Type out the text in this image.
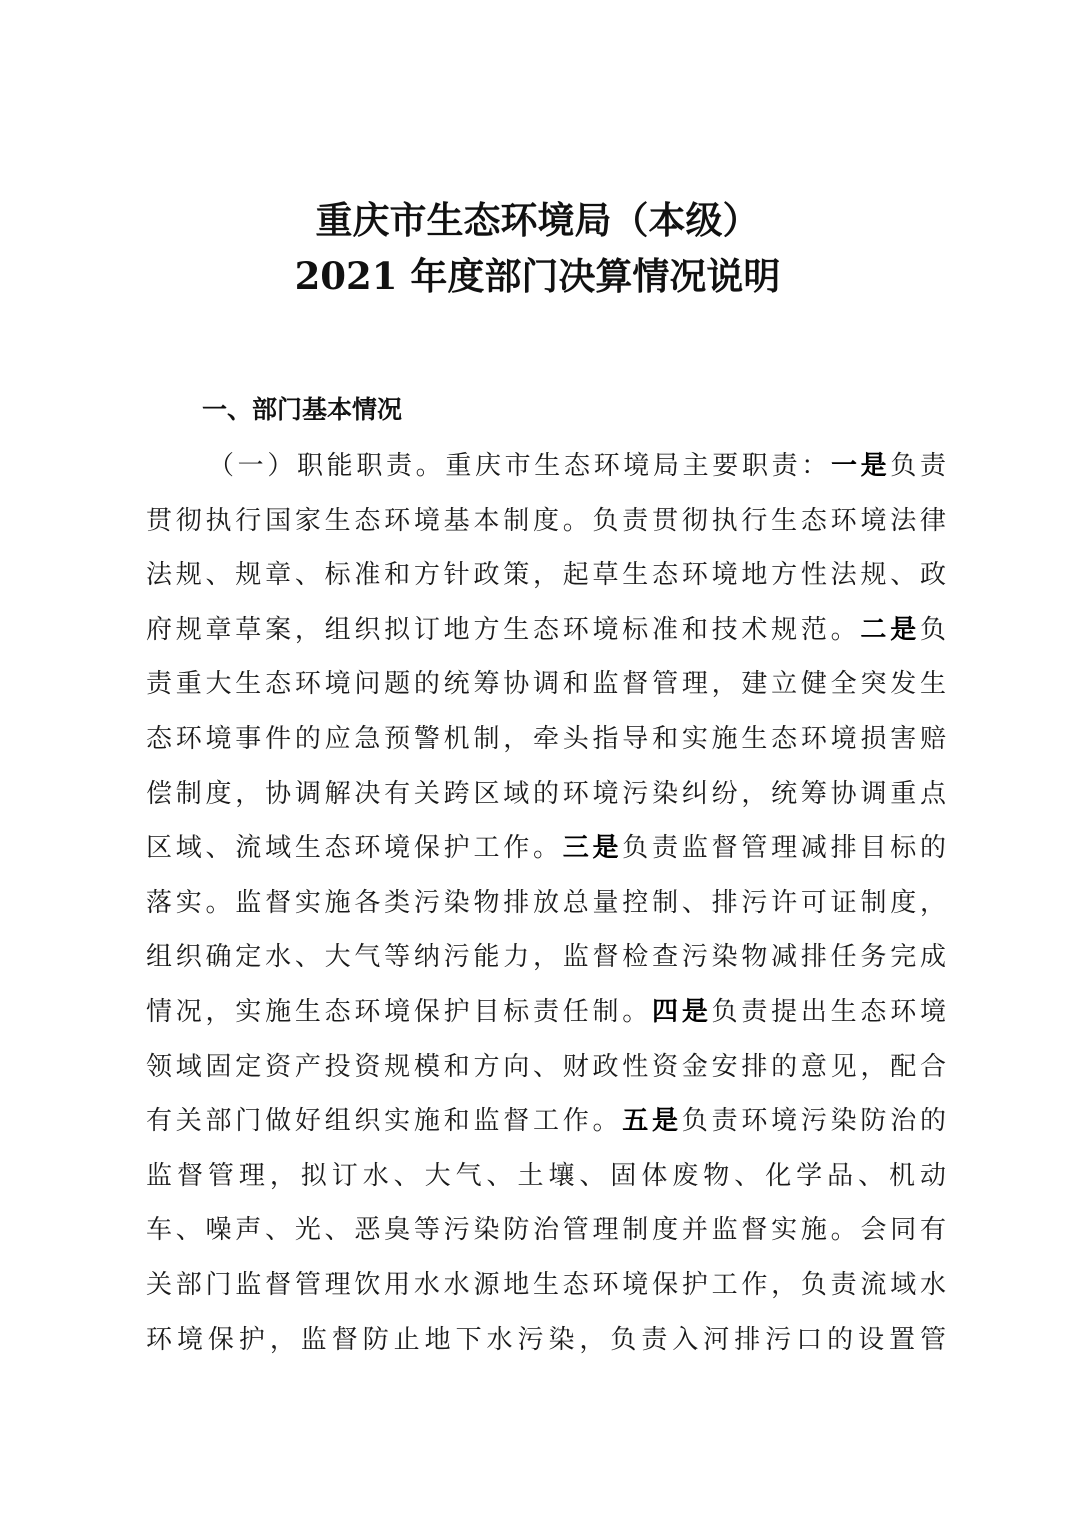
重庆市生态环境局（本级）
2021 年度部门决算情况说明
一、部门基本情况
（一）职能职责。重庆市生态环境局主要职责：一是负责
贯彻执行国家生态环境基本制度。负责贯彻执行生态环境法律
法规、规章、标准和方针政策，起草生态环境地方性法规、政
府规章草案，组织拟订地方生态环境标准和技术规范。二是负
责重大生态环境问题的统筹协调和监督管理，建立健全突发生
态环境事件的应急预警机制，牵头指导和实施生态环境损害赔
偿制度，协调解决有关跨区域的环境污染纠纷，统筹协调重点
区域、流域生态环境保护工作。三是负责监督管理减排目标的
落实。监督实施各类污染物排放总量控制、排污许可证制度，
组织确定水、大气等纳污能力，监督检查污染物减排任务完成
情况，实施生态环境保护目标责任制。四是负责提出生态环境
领域固定资产投资规模和方向、财政性资金安排的意见，配合
有关部门做好组织实施和监督工作。五是负责环境污染防治的
监督管理，拟订水、大气、土壤、固体废物、化学品、机动
车、噪声、光、恶臭等污染防治管理制度并监督实施。会同有
关部门监督管理饮用水水源地生态环境保护工作，负责流域水
环境保护，监督防止地下水污染，负责入河排污口的设置管
